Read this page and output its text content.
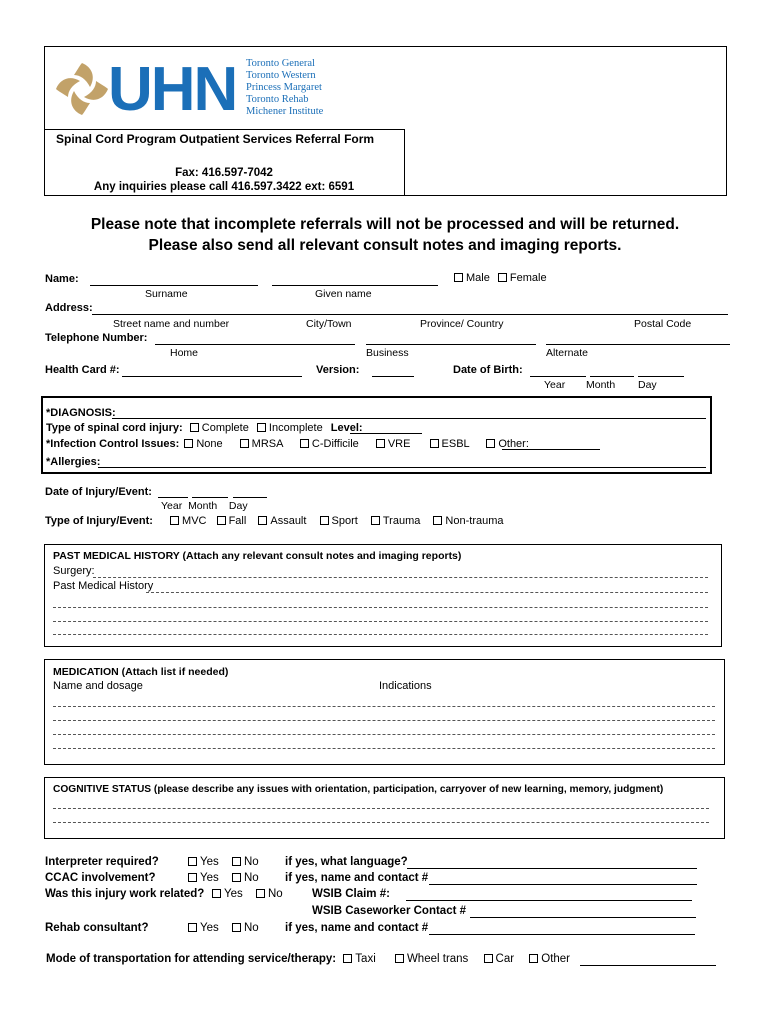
UHN Toronto General
Toronto Western
Princess Margaret
Toronto Rehab
Michener Institute
Spinal Cord Program Outpatient Services Referral Form
Fax: 416.597-7042
Any inquiries please call 416.597.3422 ext: 6591
Please note that incomplete referrals will not be processed and will be returned.
Please also send all relevant consult notes and imaging reports.
Name:	Male Female
Surname	Given name
Address:
Street name and number	City/Town	Province/ Country	Postal Code
Telephone Number:
Home	Business	Alternate
Health Card #:	Version:	Date of Birth:
Year Month Day
*DIAGNOSIS:
Type of spinal cord injury: Complete Incomplete Level:
*Infection Control Issues: None	MRSA	C-Difficile	VRE	ESBL	Other:
*Allergies:
Date of Injury/Event:
Year Month Day
Type of Injury/Event:	MVC Fall Assault Sport Trauma Non-trauma
PAST MEDICAL HISTORY (Attach any relevant consult notes and imaging reports)
Surgery:
Past Medical History
MEDICATION (Attach list if needed)
Name and dosage	Indications
COGNITIVE STATUS (please describe any issues with orientation, participation, carryover of new learning, memory, judgment)
Interpreter required?	Yes No if yes, what language?
CCAC involvement?	Yes No if yes, name and contact #
Was this injury work related?	Yes No	WSIB Claim #:
WSIB Caseworker Contact #
Rehab consultant?	Yes No if yes, name and contact #
Mode of transportation for attending service/therapy: Taxi	Wheel trans Car Other
